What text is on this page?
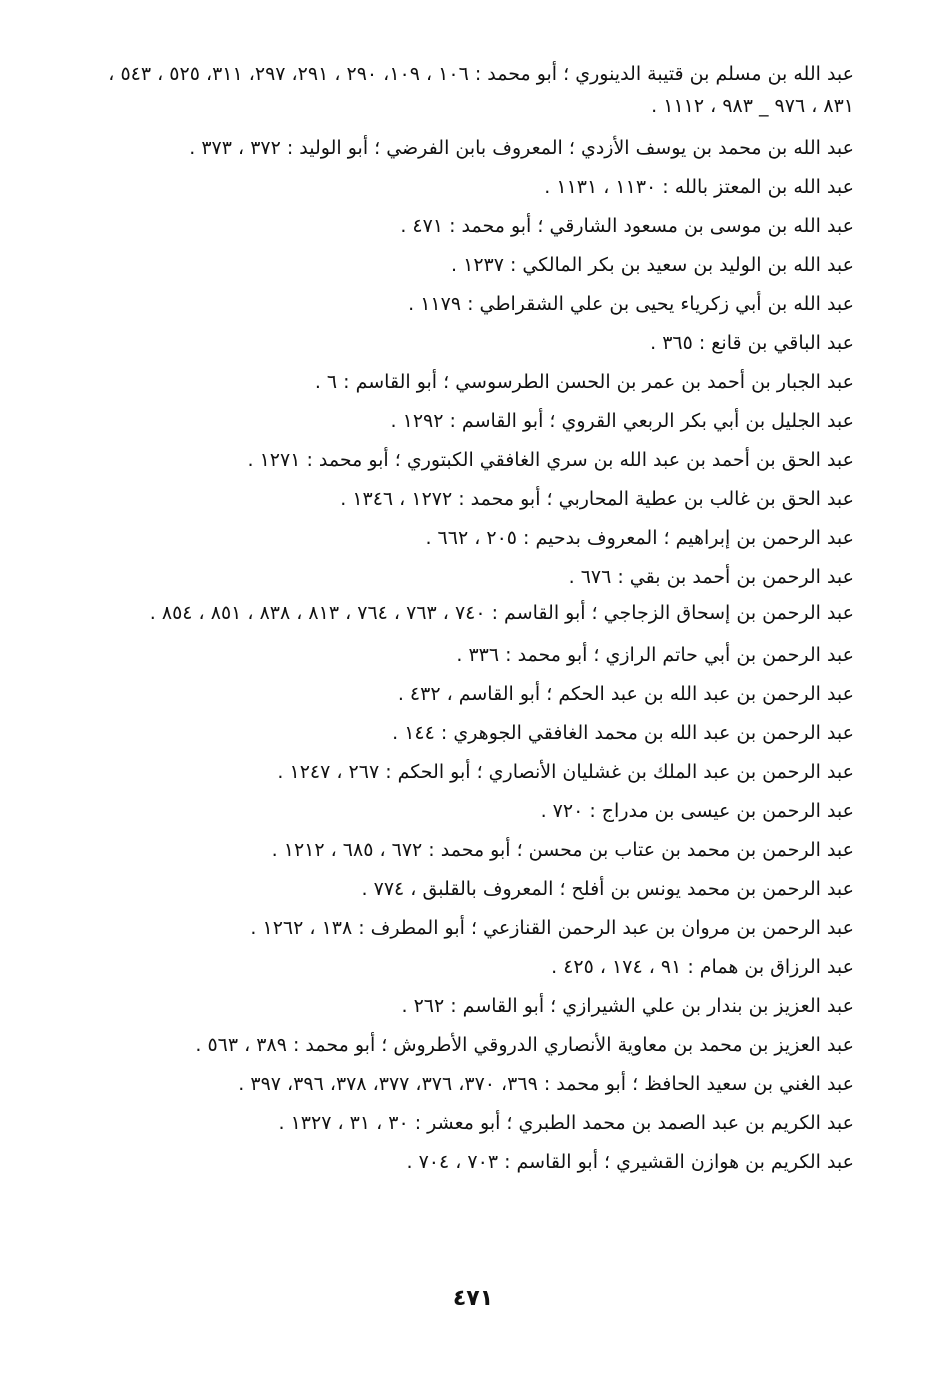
عبد الله بن مسلم بن قتيبة الدينوري ؛ أبو محمد : ١٠٦ ، ١٠٩، ٢٩٠ ، ٢٩١، ٢٩٧، ٣١١، ٥٢٥ ، ٥٤٣ ، ٨٣١ ، ٩٧٦ _ ٩٨٣ ، ١١١٢ .
عبد الله بن محمد بن يوسف الأزدي ؛ المعروف بابن الفرضي ؛ أبو الوليد : ٣٧٢ ، ٣٧٣ .
عبد الله بن المعتز بالله : ١١٣٠ ، ١١٣١ .
عبد الله بن موسى بن مسعود الشارقي ؛ أبو محمد : ٤٧١ .
عبد الله بن الوليد بن سعيد بن بكر المالكي : ١٢٣٧ .
عبد الله بن أبي زكرياء يحيى بن علي الشقراطي : ١١٧٩ .
عبد الباقي بن قانع : ٣٦٥ .
عبد الجبار بن أحمد بن عمر بن الحسن الطرسوسي ؛ أبو القاسم : ٦ .
عبد الجليل بن أبي بكر الربعي القروي ؛ أبو القاسم : ١٢٩٢ .
عبد الحق بن أحمد بن عبد الله بن سري الغافقي الكبتوري ؛ أبو محمد : ١٢٧١ .
عبد الحق بن غالب بن عطية المحاربي ؛ أبو محمد : ١٢٧٢ ، ١٣٤٦ .
عبد الرحمن بن إبراهيم ؛ المعروف بدحيم : ٢٠٥ ، ٦٦٢ .
عبد الرحمن بن أحمد بن بقي : ٦٧٦ .
عبد الرحمن بن إسحاق الزجاجي ؛ أبو القاسم : ٧٤٠ ، ٧٦٣ ، ٧٦٤ ، ٨١٣ ، ٨٣٨ ، ٨٥١ ، ٨٥٤ .
عبد الرحمن بن أبي حاتم الرازي ؛ أبو محمد : ٣٣٦ .
عبد الرحمن بن عبد الله بن عبد الحكم ؛ أبو القاسم ، ٤٣٢ .
عبد الرحمن بن عبد الله بن محمد الغافقي الجوهري : ١٤٤ .
عبد الرحمن بن عبد الملك بن غشليان الأنصاري ؛ أبو الحكم : ٢٦٧ ، ١٢٤٧ .
عبد الرحمن بن عيسى بن مدراج : ٧٢٠ .
عبد الرحمن بن محمد بن عتاب بن محسن ؛ أبو محمد : ٦٧٢ ، ٦٨٥ ، ١٢١٢ .
عبد الرحمن بن محمد يونس بن أفلح ؛ المعروف بالقلبق ، ٧٧٤ .
عبد الرحمن بن مروان بن عبد الرحمن القنازعي ؛ أبو المطرف : ١٣٨ ، ١٢٦٢ .
عبد الرزاق بن همام : ٩١ ، ١٧٤ ، ٤٢٥ .
عبد العزيز بن بندار بن علي الشيرازي ؛ أبو القاسم : ٢٦٢ .
عبد العزيز بن محمد بن معاوية الأنصاري الدروقي الأطروش ؛ أبو محمد : ٣٨٩ ، ٥٦٣ .
عبد الغني بن سعيد الحافظ ؛ أبو محمد : ٣٦٩، ٣٧٠، ٣٧٦، ٣٧٧، ٣٧٨، ٣٩٦، ٣٩٧ .
عبد الكريم بن عبد الصمد بن محمد الطبري ؛ أبو معشر : ٣٠ ، ٣١ ، ١٣٢٧ .
عبد الكريم بن هوازن القشيري ؛ أبو القاسم : ٧٠٣ ، ٧٠٤ .
٤٧١
